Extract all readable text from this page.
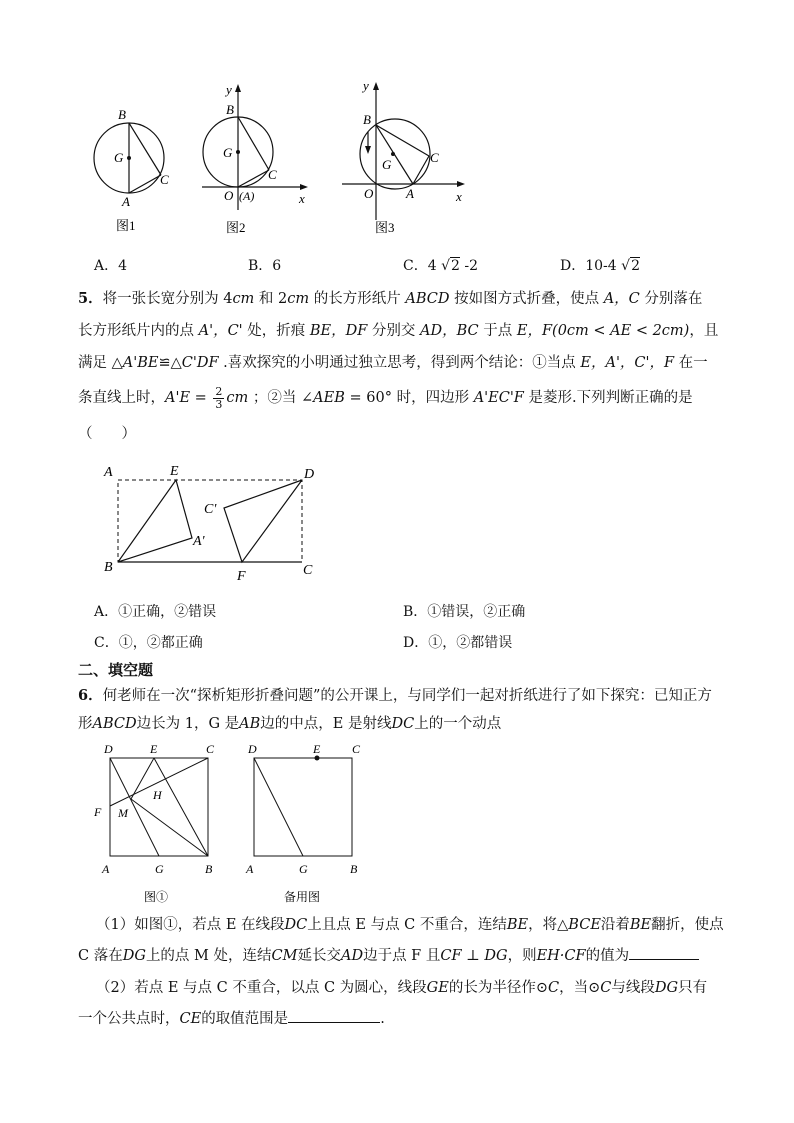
B
G
C
A
图1
y
B
G
C
O (A)	x
图2
y
B
G	C
O	A	x
图3
A．4	B．6	C．4 √2 -2	D．10-4 √2
5．将一张长宽分别为 4cm 和 2cm 的长方形纸片 ABCD 按如图方式折叠，使点 A，C 分别落在
长方形纸片内的点 A'，C' 处，折痕 BE，DF 分别交 AD，BC 于点 E，F(0cm < AE < 2cm)，且
满足 △A'BE≌△C'DF .喜欢探究的小明通过独立思考，得到两个结论：①当点 E，A'，C'，F 在一
条直线上时，$A'E = \frac{2}{3}$ cm ；②当 ∠AEB = 60° 时，四边形 A'EC'F 是菱形.下列判断正确的是
（　　）
A	E	D
C'
A'
B
F	C
A．①正确，②错误	B．①错误，②正确
C．①，②都正确	D．①，②都错误
二、填空题
6．何老师在一次“探析矩形折叠问题”的公开课上，与同学们一起对折纸进行了如下探究：已知正方
形ABCD边长为 1，G 是AB边的中点，E 是射线DC上的一个动点
D	E	C
H
F M
A	G	B
图①
D	E	C
A	G	B
备用图
（1）如图①，若点 E 在线段DC上且点 E 与点 C 不重合，连结BE，将△BCE沿着BE翻折，使点
C 落在DG上的点 M 处，连结CM延长交AD边于点 F 且CF ⊥ DG，则EH·CF的值为
（2）若点 E 与点 C 不重合，以点 C 为圆心，线段GE的长为半径作⊙C，当⊙C与线段DG只有
一个公共点时，CE的取值范围是	.
